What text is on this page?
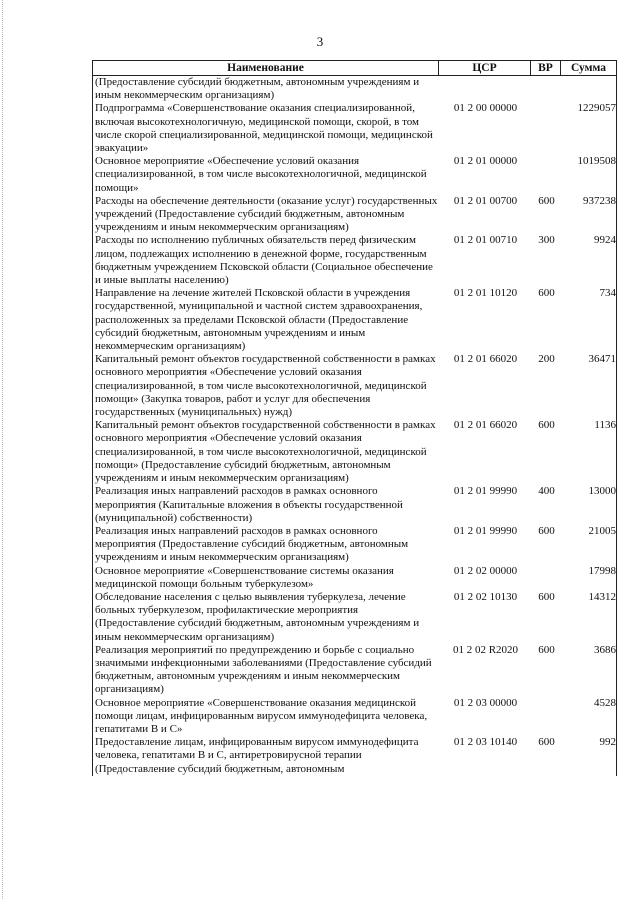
3
Наименование	ЦСР	ВР	Сумма
(Предоставление субсидий бюджетным, автономным учреждениям и иным некоммерческим организациям)			
Подпрограмма «Совершенствование оказания специализированной, включая высокотехнологичную, медицинской помощи, скорой, в том числе скорой специализированной, медицинской помощи, медицинской эвакуации»	01 2 00 00000		1229057
Основное мероприятие «Обеспечение условий оказания специализированной, в том числе высокотехнологичной, медицинской помощи»	01 2 01 00000		1019508
Расходы на обеспечение деятельности (оказание услуг) государственных учреждений (Предоставление субсидий бюджетным, автономным учреждениям и иным некоммерческим организациям)	01 2 01 00700	600	937238
Расходы по исполнению публичных обязательств перед физическим лицом, подлежащих исполнению в денежной форме, государственным бюджетным учреждением Псковской области (Социальное обеспечение и иные выплаты населению)	01 2 01 00710	300	9924
Направление на лечение жителей Псковской области в учреждения государственной, муниципальной и частной систем здравоохранения, расположенных за пределами Псковской области (Предоставление субсидий бюджетным, автономным учреждениям и иным некоммерческим организациям)	01 2 01 10120	600	734
Капитальный ремонт объектов государственной собственности в рамках основного мероприятия «Обеспечение условий оказания специализированной, в том числе высокотехнологичной, медицинской помощи» (Закупка товаров, работ и услуг для обеспечения государственных (муниципальных) нужд)	01 2 01 66020	200	36471
Капитальный ремонт объектов государственной собственности в рамках основного мероприятия «Обеспечение условий оказания специализированной, в том числе высокотехнологичной, медицинской помощи» (Предоставление субсидий бюджетным, автономным учреждениям и иным некоммерческим организациям)	01 2 01 66020	600	1136
Реализация иных направлений расходов в рамках основного мероприятия (Капитальные вложения в объекты государственной (муниципальной) собственности)	01 2 01 99990	400	13000
Реализация иных направлений расходов в рамках основного мероприятия (Предоставление субсидий бюджетным, автономным учреждениям и иным некоммерческим организациям)	01 2 01 99990	600	21005
Основное мероприятие «Совершенствование системы оказания медицинской помощи больным туберкулезом»	01 2 02 00000		17998
Обследование населения с целью выявления туберкулеза, лечение больных туберкулезом, профилактические мероприятия (Предоставление субсидий бюджетным, автономным учреждениям и иным некоммерческим организациям)	01 2 02 10130	600	14312
Реализация мероприятий по предупреждению и борьбе с социально значимыми инфекционными заболеваниями (Предоставление субсидий бюджетным, автономным учреждениям и иным некоммерческим организациям)	01 2 02 R2020	600	3686
Основное мероприятие «Совершенствование оказания медицинской помощи лицам, инфицированным вирусом иммунодефицита человека, гепатитами В и С»	01 2 03 00000		4528
Предоставление лицам, инфицированным вирусом иммунодефицита человека, гепатитами В и С, антиретровирусной терапии (Предоставление субсидий бюджетным, автономным	01 2 03 10140	600	992
